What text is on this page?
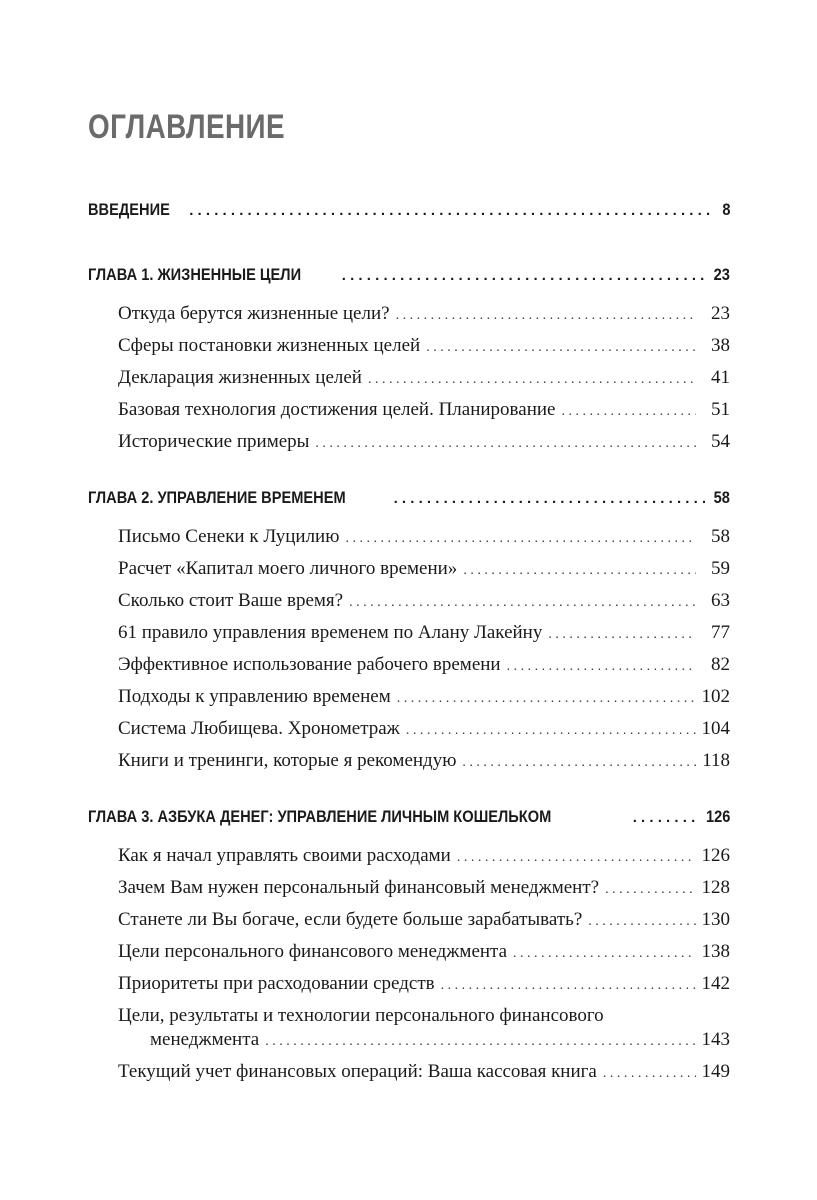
ОГЛАВЛЕНИЕ
ВВЕДЕНИЕ . . .	8
ГЛАВА 1. ЖИЗНЕННЫЕ ЦЕЛИ . . .	23
Откуда берутся жизненные цели? . . .	23
Сферы постановки жизненных целей . . .	38
Декларация жизненных целей . . .	41
Базовая технология достижения целей. Планирование . . .	51
Исторические примеры . . .	54
ГЛАВА 2. УПРАВЛЕНИЕ ВРЕМЕНЕМ . . .	58
Письмо Сенеки к Луцилию . . .	58
Расчет «Капитал моего личного времени» . . .	59
Сколько стоит Ваше время? . . .	63
61 правило управления временем по Алану Лакейну . . .	77
Эффективное использование рабочего времени . . .	82
Подходы к управлению временем . . .	102
Система Любищева. Хронометраж . . .	104
Книги и тренинги, которые я рекомендую . . .	118
ГЛАВА 3. АЗБУКА ДЕНЕГ: УПРАВЛЕНИЕ ЛИЧНЫМ КОШЕЛЬКОМ . . .	126
Как я начал управлять своими расходами . . .	126
Зачем Вам нужен персональный финансовый менеджмент? . . .	128
Станете ли Вы богаче, если будете больше зарабатывать? . . .	130
Цели персонального финансового менеджмента . . .	138
Приоритеты при расходовании средств . . .	142
Цели, результаты и технологии персонального финансового
менеджмента . . .	143
Текущий учет финансовых операций: Ваша кассовая книга . . .	149
